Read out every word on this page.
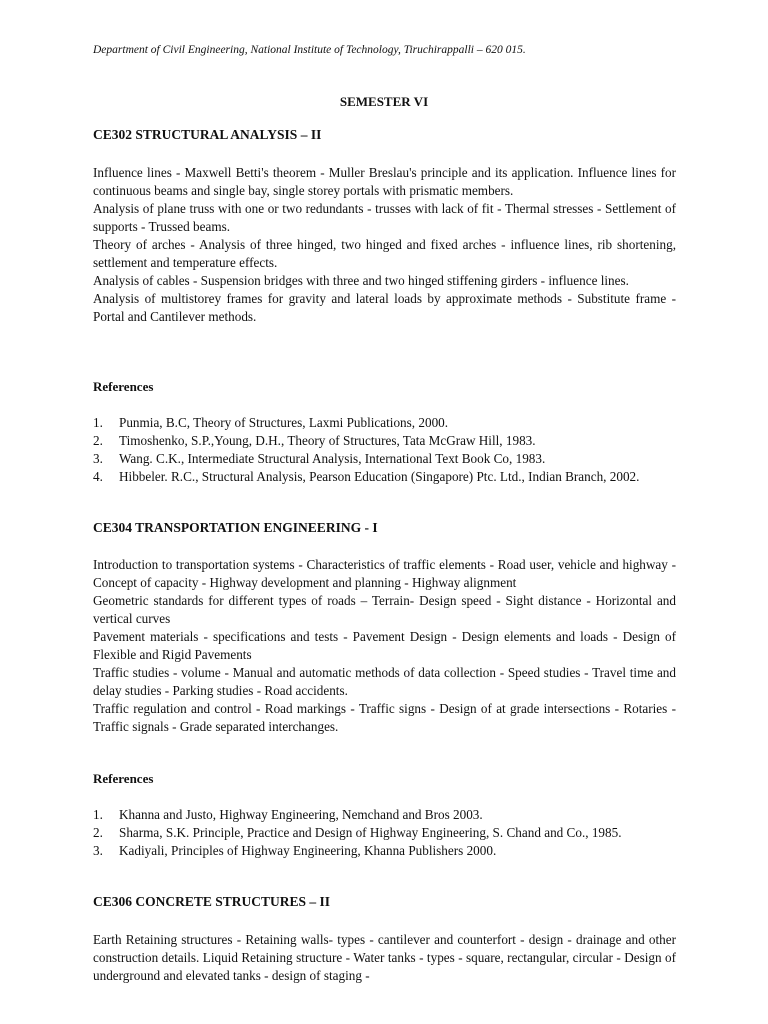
Department of Civil Engineering, National Institute of Technology, Tiruchirappalli – 620 015.
SEMESTER VI

CE302 STRUCTURAL ANALYSIS – II

Influence lines - Maxwell Betti's theorem - Muller Breslau's principle and its application. Influence lines for continuous beams and single bay, single storey portals with prismatic members.

Analysis of plane truss with one or two redundants - trusses with lack of fit - Thermal stresses - Settlement of supports - Trussed beams.

Theory of arches - Analysis of three hinged, two hinged and fixed arches - influence lines, rib shortening, settlement and temperature effects.

Analysis of cables - Suspension bridges with three and two hinged stiffening girders - influence lines.

Analysis of multistorey frames for gravity and lateral loads by approximate methods - Substitute frame - Portal and Cantilever methods.

References

1. Punmia, B.C, Theory of Structures, Laxmi Publications, 2000.
2. Timoshenko, S.P.,Young, D.H., Theory of Structures, Tata McGraw Hill, 1983.
3. Wang. C.K., Intermediate Structural Analysis, International Text Book Co, 1983.
4. Hibbeler. R.C., Structural Analysis, Pearson Education (Singapore) Ptc. Ltd., Indian Branch, 2002.

CE304 TRANSPORTATION ENGINEERING - I

Introduction to transportation systems - Characteristics of traffic elements - Road user, vehicle and highway - Concept of capacity - Highway development and planning - Highway alignment

Geometric standards for different types of roads – Terrain- Design speed - Sight distance - Horizontal and vertical curves

Pavement materials - specifications and tests - Pavement Design - Design elements and loads - Design of Flexible and Rigid Pavements

Traffic studies - volume - Manual and automatic methods of data collection - Speed studies - Travel time and delay studies - Parking studies - Road accidents.

Traffic regulation and control - Road markings - Traffic signs - Design of at grade intersections - Rotaries - Traffic signals - Grade separated interchanges.

References

1. Khanna and Justo, Highway Engineering, Nemchand and Bros 2003.
2. Sharma, S.K. Principle, Practice and Design of Highway Engineering, S. Chand and Co., 1985.
3. Kadiyali, Principles of Highway Engineering, Khanna Publishers 2000.

CE306 CONCRETE STRUCTURES – II

Earth Retaining structures - Retaining walls- types - cantilever and counterfort - design - drainage and other construction details. Liquid Retaining structure - Water tanks - types - square, rectangular, circular - Design of underground and elevated tanks - design of staging -
